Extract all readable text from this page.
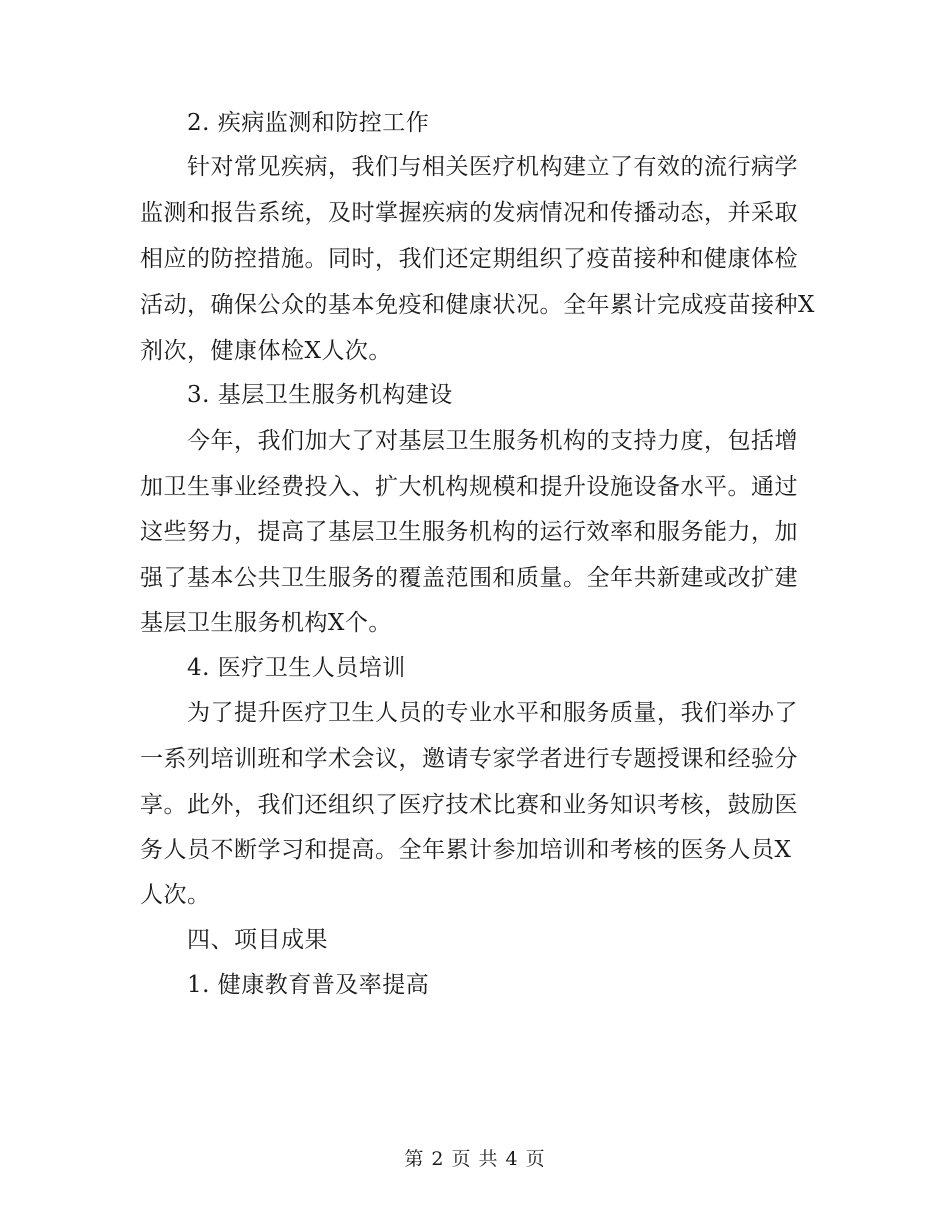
2. 疾病监测和防控工作
针对常见疾病，我们与相关医疗机构建立了有效的流行病学
监测和报告系统，及时掌握疾病的发病情况和传播动态，并采取
相应的防控措施。同时，我们还定期组织了疫苗接种和健康体检
活动，确保公众的基本免疫和健康状况。全年累计完成疫苗接种X
剂次，健康体检X人次。
3. 基层卫生服务机构建设
今年，我们加大了对基层卫生服务机构的支持力度，包括增
加卫生事业经费投入、扩大机构规模和提升设施设备水平。通过
这些努力，提高了基层卫生服务机构的运行效率和服务能力，加
强了基本公共卫生服务的覆盖范围和质量。全年共新建或改扩建
基层卫生服务机构X个。
4. 医疗卫生人员培训
为了提升医疗卫生人员的专业水平和服务质量，我们举办了
一系列培训班和学术会议，邀请专家学者进行专题授课和经验分
享。此外，我们还组织了医疗技术比赛和业务知识考核，鼓励医
务人员不断学习和提高。全年累计参加培训和考核的医务人员X
人次。
四、项目成果
1. 健康教育普及率提高
第 2 页 共 4 页
